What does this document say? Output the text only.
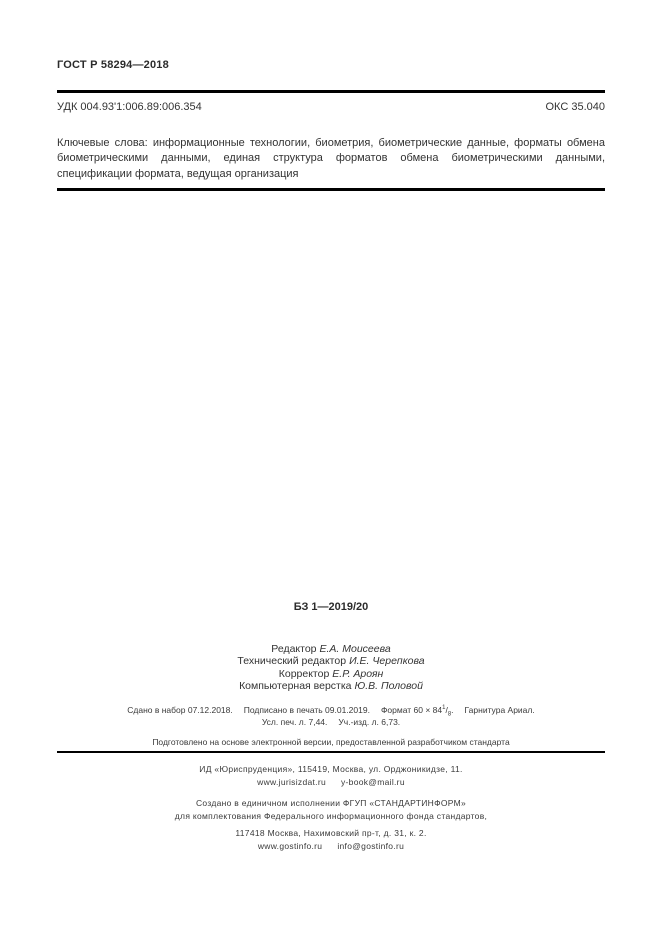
ГОСТ Р 58294—2018
УДК 004.93'1:006.89:006.354	ОКС 35.040

Ключевые слова: информационные технологии, биометрия, биометрические данные, форматы обмена биометрическими данными, единая структура форматов обмена биометрическими данными, спецификации формата, ведущая организация

БЗ 1—2019/20
Редактор Е.А. Моисеева
Технический редактор И.Е. Черепкова
Корректор Е.Р. Ароян
Компьютерная верстка Ю.В. Половой
Сдано в набор 07.12.2018. Подписано в печать 09.01.2019. Формат $60 \times 84^1/_8$. Гарнитура Ариал.
Усл. печ. л. 7,44. Уч.-изд. л. 6,73.
Подготовлено на основе электронной версии, предоставленной разработчиком стандарта
ИД «Юриспруденция», 115419, Москва, ул. Орджоникидзе, 11.
www.jurisizdat.ru y-book@mail.ru
Создано в единичном исполнении ФГУП «СТАНДАРТИНФОРМ»
для комплектования Федерального информационного фонда стандартов,
117418 Москва, Нахимовский пр-т, д. 31, к. 2.
www.gostinfo.ru info@gostinfo.ru
